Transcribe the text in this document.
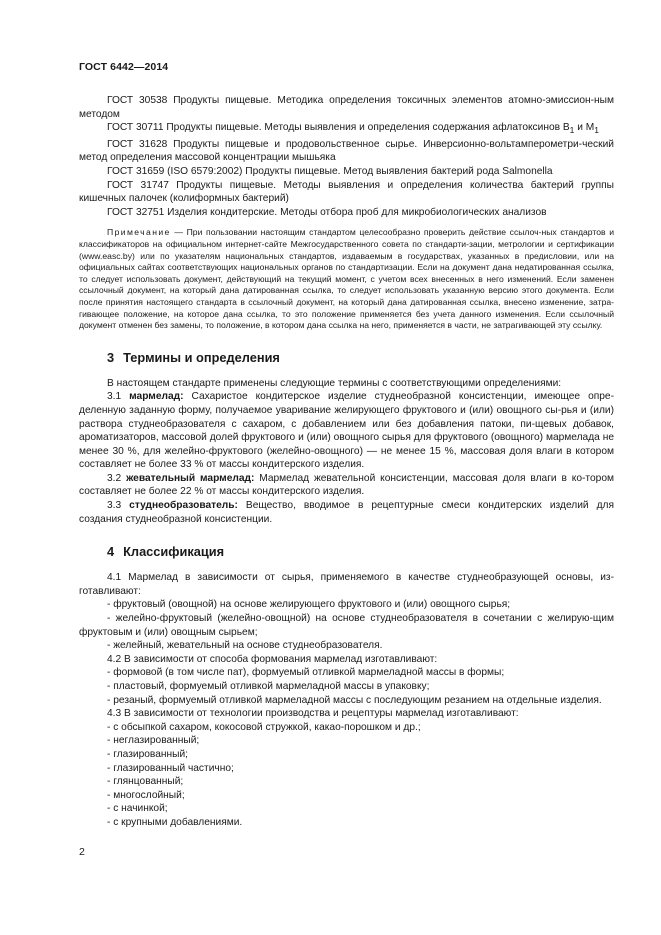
ГОСТ 6442—2014

ГОСТ 30538 Продукты пищевые. Методика определения токсичных элементов атомно-эмиссион-ным методом

ГОСТ 30711 Продукты пищевые. Методы выявления и определения содержания афлатоксинов $В_1$ и $М_1$

ГОСТ 31628 Продукты пищевые и продовольственное сырье. Инверсионно-вольтамперометри-ческий метод определения массовой концентрации мышьяка

ГОСТ 31659 (ISO 6579:2002) Продукты пищевые. Метод выявления бактерий рода Salmonella

ГОСТ 31747 Продукты пищевые. Методы выявления и определения количества бактерий группы кишечных палочек (колиформных бактерий)

ГОСТ 32751 Изделия кондитерские. Методы отбора проб для микробиологических анализов

Примечание — При пользовании настоящим стандартом целесообразно проверить действие ссылоч-ных стандартов и классификаторов на официальном интернет-сайте Межгосударственного совета по стандарти-зации, метрологии и сертификации (www.easc.by) или по указателям национальных стандартов, издаваемым в государствах, указанных в предисловии, или на официальных сайтах соответствующих национальных органов по стандартизации. Если на документ дана недатированная ссылка, то следует использовать документ, действующий на текущий момент, с учетом всех внесенных в него изменений. Если заменен ссылочный документ, на который дана датированная ссылка, то следует использовать указанную версию этого документа. Если после принятия настоящего стандарта в ссылочный документ, на который дана датированная ссылка, внесено изменение, затра-гивающее положение, на которое дана ссылка, то это положение применяется без учета данного изменения. Если ссылочный документ отменен без замены, то положение, в котором дана ссылка на него, применяется в части, не затрагивающей эту ссылку.

3 Термины и определения

В настоящем стандарте применены следующие термины с соответствующими определениями:

3.1 мармелад: Сахаристое кондитерское изделие студнеобразной консистенции, имеющее опре-деленную заданную форму, получаемое уваривание желирующего фруктового и (или) овощного сы-рья и (или) раствора студнеобразователя с сахаром, с добавлением или без добавления патоки, пи-щевых добавок, ароматизаторов, массовой долей фруктового и (или) овощного сырья для фруктового (овощного) мармелада не менее 30 %, для желейно-фруктового (желейно-овощного) — не менее 15 %, массовая доля влаги в котором составляет не более 33 % от массы кондитерского изделия.

3.2 жевательный мармелад: Мармелад жевательной консистенции, массовая доля влаги в ко-тором составляет не более 22 % от массы кондитерского изделия.

3.3 студнеобразователь: Вещество, вводимое в рецептурные смеси кондитерских изделий для создания студнеобразной консистенции.

4 Классификация

4.1 Мармелад в зависимости от сырья, применяемого в качестве студнеобразующей основы, из-готавливают:

- фруктовый (овощной) на основе желирующего фруктового и (или) овощного сырья;

- желейно-фруктовый (желейно-овощной) на основе студнеобразователя в сочетании с желирую-щим фруктовым и (или) овощным сырьем;

- желейный, жевательный на основе студнеобразователя.

4.2 В зависимости от способа формования мармелад изготавливают:

- формовой (в том числе пат), формуемый отливкой мармеладной массы в формы;

- пластовый, формуемый отливкой мармеладной массы в упаковку;

- резаный, формуемый отливкой мармеладной массы с последующим резанием на отдельные изделия.

4.3 В зависимости от технологии производства и рецептуры мармелад изготавливают:

- с обсыпкой сахаром, кокосовой стружкой, какао-порошком и др.;

- неглазированный;

- глазированный;

- глазированный частично;

- глянцованный;

- многослойный;

- с начинкой;

- с крупными добавлениями.

2
